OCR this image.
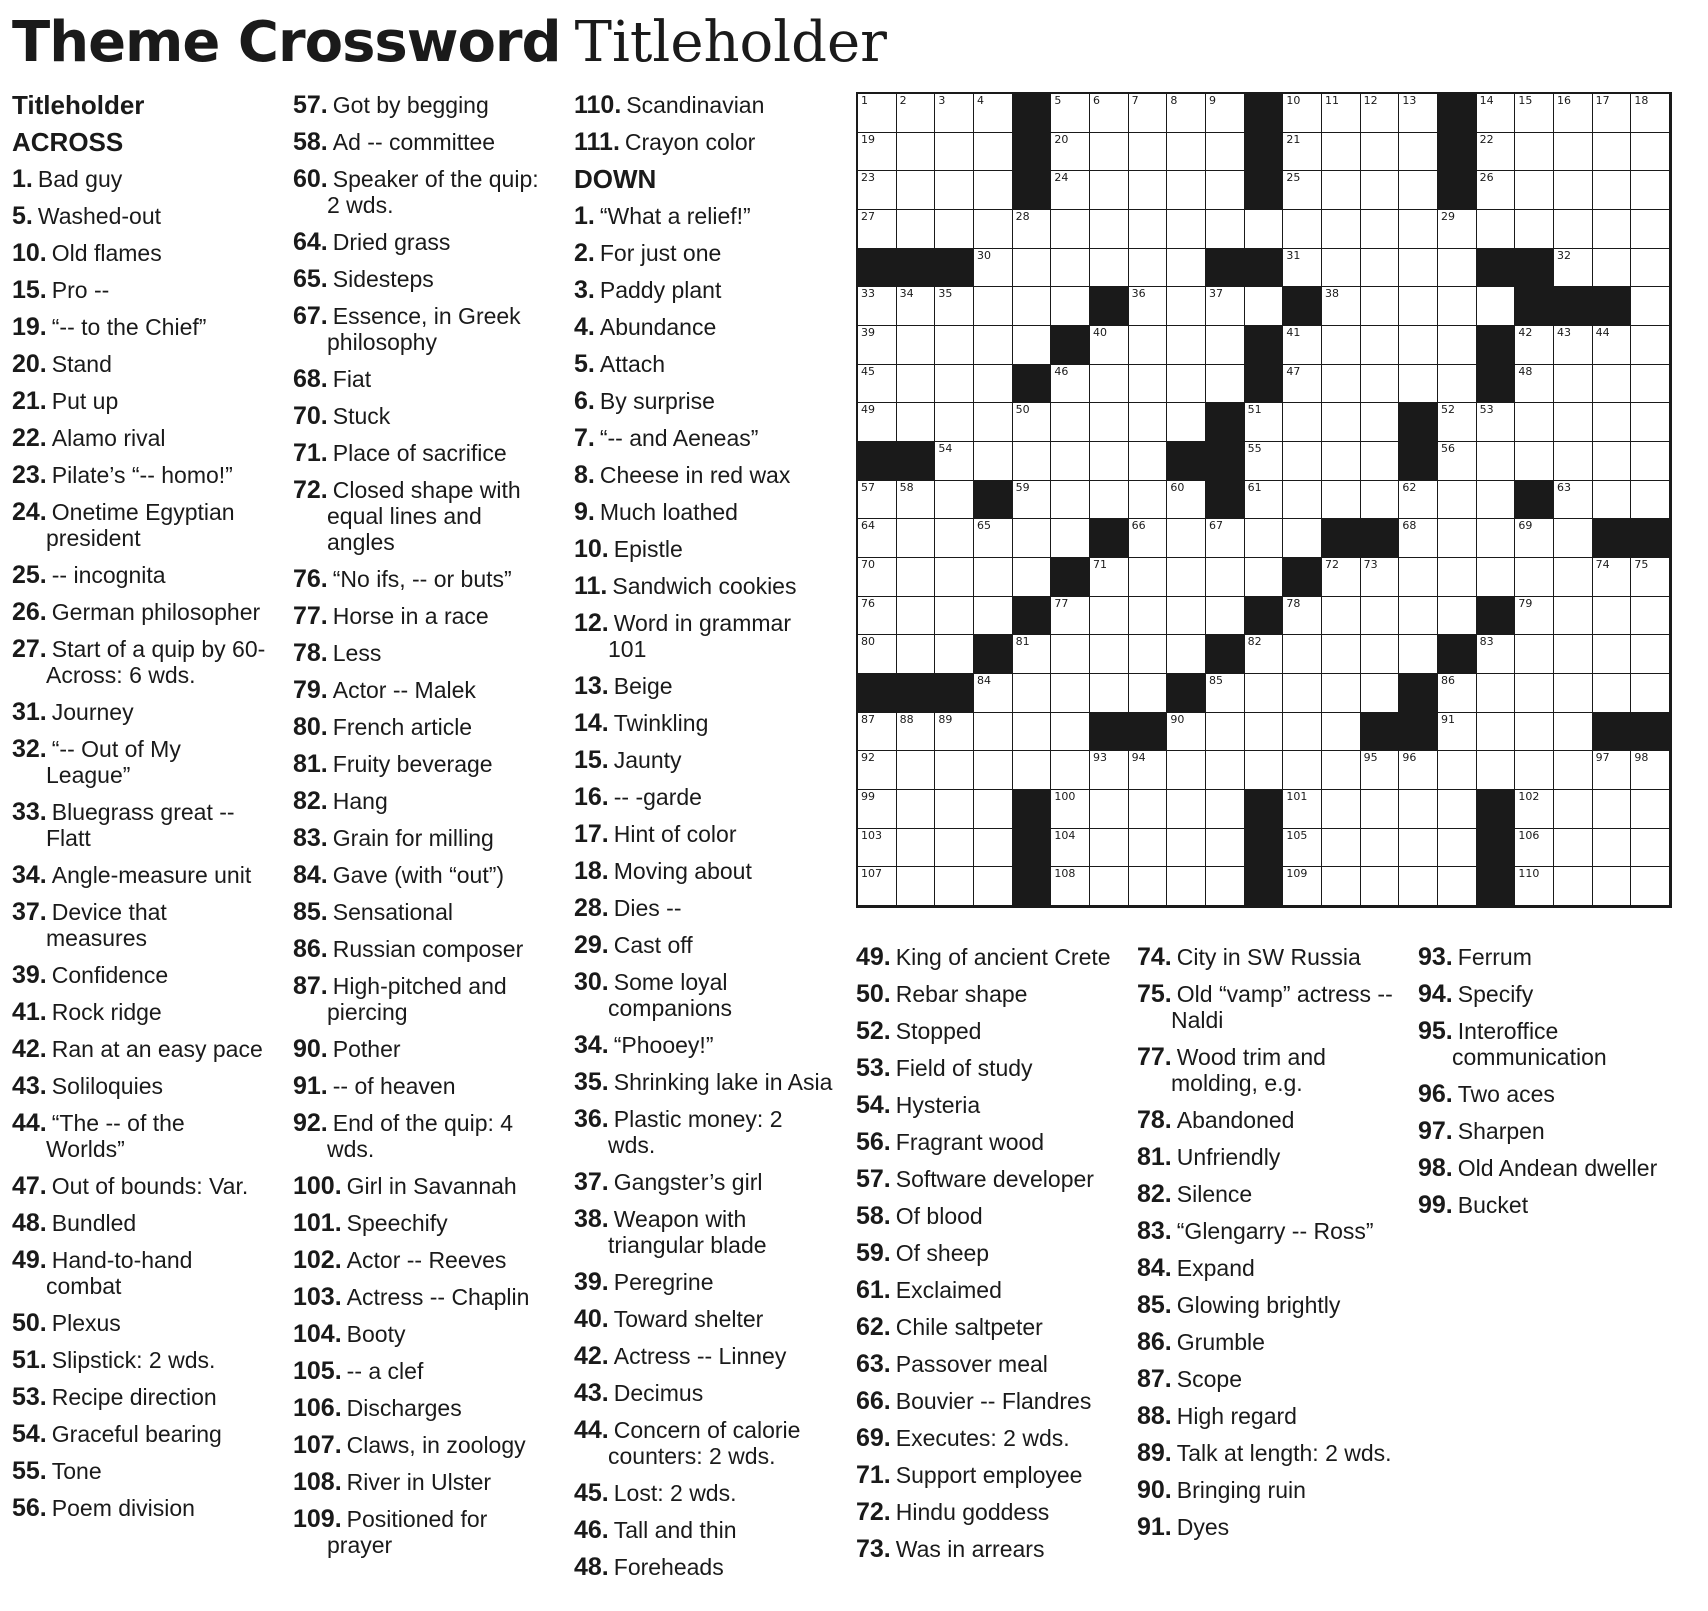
Theme Crossword Titleholder
Titleholder
ACROSS
1. Bad guy
5. Washed-out
10. Old flames
15. Pro --
19. “-- to the Chief”
20. Stand
21. Put up
22. Alamo rival
23. Pilate’s “-- homo!”
24. Onetime Egyptian president
25. -- incognita
26. German philosopher
27. Start of a quip by 60-Across: 6 wds.
31. Journey
32. “-- Out of My League”
33. Bluegrass great -- Flatt
34. Angle-measure unit
37. Device that measures
39. Confidence
41. Rock ridge
42. Ran at an easy pace
43. Soliloquies
44. “The -- of the Worlds”
47. Out of bounds: Var.
48. Bundled
49. Hand-to-hand combat
50. Plexus
51. Slipstick: 2 wds.
53. Recipe direction
54. Graceful bearing
55. Tone
56. Poem division
57. Got by begging
58. Ad -- committee
60. Speaker of the quip: 2 wds.
64. Dried grass
65. Sidesteps
67. Essence, in Greek philosophy
68. Fiat
70. Stuck
71. Place of sacrifice
72. Closed shape with equal lines and angles
76. “No ifs, -- or buts”
77. Horse in a race
78. Less
79. Actor -- Malek
80. French article
81. Fruity beverage
82. Hang
83. Grain for milling
84. Gave (with “out”)
85. Sensational
86. Russian composer
87. High-pitched and piercing
90. Pother
91. -- of heaven
92. End of the quip: 4 wds.
100. Girl in Savannah
101. Speechify
102. Actor -- Reeves
103. Actress -- Chaplin
104. Booty
105. -- a clef
106. Discharges
107. Claws, in zoology
108. River in Ulster
109. Positioned for prayer
110. Scandinavian
111. Crayon color
DOWN
1. “What a relief!”
2. For just one
3. Paddy plant
4. Abundance
5. Attach
6. By surprise
7. “-- and Aeneas”
8. Cheese in red wax
9. Much loathed
10. Epistle
11. Sandwich cookies
12. Word in grammar 101
13. Beige
14. Twinkling
15. Jaunty
16. -- -garde
17. Hint of color
18. Moving about
28. Dies --
29. Cast off
30. Some loyal companions
34. “Phooey!”
35. Shrinking lake in Asia
36. Plastic money: 2 wds.
37. Gangster’s girl
38. Weapon with triangular blade
39. Peregrine
40. Toward shelter
42. Actress -- Linney
43. Decimus
44. Concern of calorie counters: 2 wds.
45. Lost: 2 wds.
46. Tall and thin
48. Foreheads
49. King of ancient Crete
50. Rebar shape
52. Stopped
53. Field of study
54. Hysteria
56. Fragrant wood
57. Software developer
58. Of blood
59. Of sheep
61. Exclaimed
62. Chile saltpeter
63. Passover meal
66. Bouvier -- Flandres
69. Executes: 2 wds.
71. Support employee
72. Hindu goddess
73. Was in arrears
74. City in SW Russia
75. Old “vamp” actress -- Naldi
77. Wood trim and molding, e.g.
78. Abandoned
81. Unfriendly
82. Silence
83. “Glengarry -- Ross”
84. Expand
85. Glowing brightly
86. Grumble
87. Scope
88. High regard
89. Talk at length: 2 wds.
90. Bringing ruin
91. Dyes
93. Ferrum
94. Specify
95. Interoffice communication
96. Two aces
97. Sharpen
98. Old Andean dweller
99. Bucket
1	2	3	4	5	6	7	8	9	10 11 12 13	14 15 16 17 18
19	20	21	22
23	24	25	26
27	28	29
30	31	32
33 34 35	36	37	38
39	40	41	42 43 44
45	46	47	48
49	50	51	52 53
54	55	56
57 58	59	60	61	62	63
64	65	66	67	68	69
70	71	72 73	74 75
76	77	78	79
80	81	82	83
84	85	86
87 88 89	90	91
92	93 94	95 96	97 98
99	100	101	102
103	104	105	106
107	108	109	110
